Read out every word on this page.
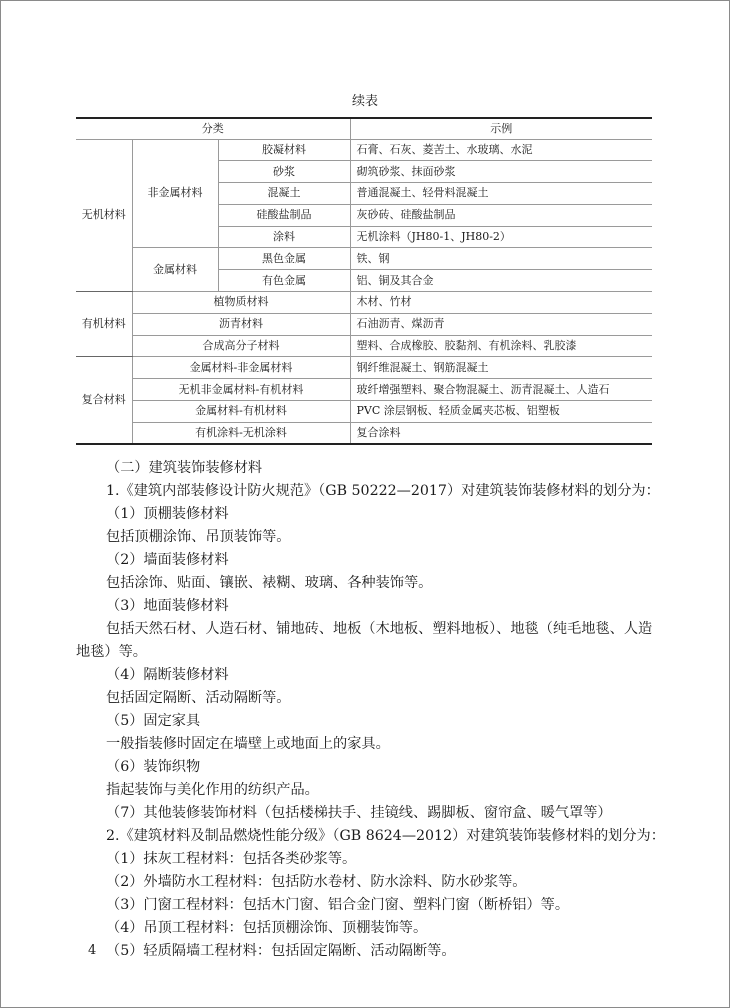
续表
分类			示例
无机材料	非金属材料	胶凝材料	石膏、石灰、菱苦土、水玻璃、水泥
		砂浆	砌筑砂浆、抹面砂浆
		混凝土	普通混凝土、轻骨料混凝土
		硅酸盐制品	灰砂砖、硅酸盐制品
		涂料	无机涂料（JH80-1、JH80-2）
	金属材料	黑色金属	铁、钢
		有色金属	铝、铜及其合金
有机材料	植物质材料		木材、竹材
	沥青材料		石油沥青、煤沥青
	合成高分子材料		塑料、合成橡胶、胶黏剂、有机涂料、乳胶漆
复合材料	金属材料-非金属材料		钢纤维混凝土、钢筋混凝土
	无机非金属材料-有机材料		玻纤增强塑料、聚合物混凝土、沥青混凝土、人造石
	金属材料-有机材料		PVC 涂层钢板、轻质金属夹芯板、铝塑板
	有机涂料-无机涂料		复合涂料

（二）建筑装饰装修材料

1.《建筑内部装修设计防火规范》（GB 50222—2017）对建筑装饰装修材料的划分为：

（1）顶棚装修材料

包括顶棚涂饰、吊顶装饰等。

（2）墙面装修材料

包括涂饰、贴面、镶嵌、裱糊、玻璃、各种装饰等。

（3）地面装修材料

包括天然石材、人造石材、铺地砖、地板（木地板、塑料地板）、地毯（纯毛地毯、人造地毯）等。

（4）隔断装修材料

包括固定隔断、活动隔断等。

（5）固定家具

一般指装修时固定在墙壁上或地面上的家具。

（6）装饰织物

指起装饰与美化作用的纺织产品。

（7）其他装修装饰材料（包括楼梯扶手、挂镜线、踢脚板、窗帘盒、暖气罩等）

2.《建筑材料及制品燃烧性能分级》（GB 8624—2012）对建筑装饰装修材料的划分为：

（1）抹灰工程材料：包括各类砂浆等。

（2）外墙防水工程材料：包括防水卷材、防水涂料、防水砂浆等。

（3）门窗工程材料：包括木门窗、铝合金门窗、塑料门窗（断桥铝）等。

（4）吊顶工程材料：包括顶棚涂饰、顶棚装饰等。

（5）轻质隔墙工程材料：包括固定隔断、活动隔断等。

4
